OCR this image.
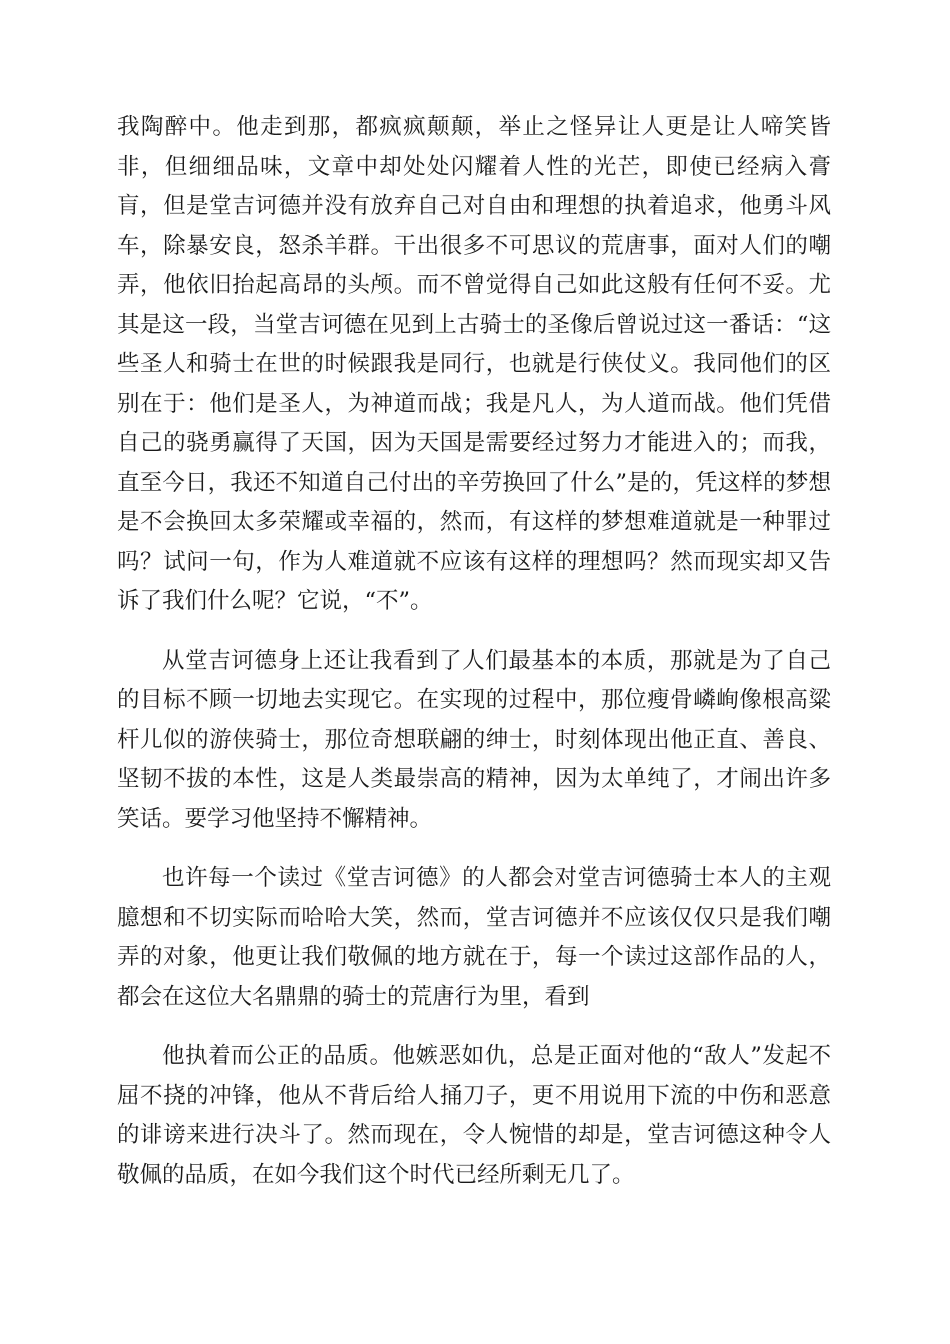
我陶醉中。他走到那，都疯疯颠颠，举止之怪异让人更是让人啼笑皆非，但细细品味，文章中却处处闪耀着人性的光芒，即使已经病入膏肓，但是堂吉诃德并没有放弃自己对自由和理想的执着追求，他勇斗风车，除暴安良，怒杀羊群。干出很多不可思议的荒唐事，面对人们的嘲弄，他依旧抬起高昂的头颅。而不曾觉得自己如此这般有任何不妥。尤其是这一段，当堂吉诃德在见到上古骑士的圣像后曾说过这一番话：“这些圣人和骑士在世的时候跟我是同行，也就是行侠仗义。我同他们的区别在于：他们是圣人，为神道而战；我是凡人，为人道而战。他们凭借自己的骁勇赢得了天国，因为天国是需要经过努力才能进入的；而我，直至今日，我还不知道自己付出的辛劳换回了什么”是的，凭这样的梦想是不会换回太多荣耀或幸福的，然而，有这样的梦想难道就是一种罪过吗？试问一句，作为人难道就不应该有这样的理想吗？然而现实却又告诉了我们什么呢？它说，“不”。

从堂吉诃德身上还让我看到了人们最基本的本质，那就是为了自己的目标不顾一切地去实现它。在实现的过程中，那位瘦骨嶙峋像根高粱杆儿似的游侠骑士，那位奇想联翩的绅士，时刻体现出他正直、善良、坚韧不拔的本性，这是人类最崇高的精神，因为太单纯了，才闹出许多笑话。要学习他坚持不懈精神。

也许每一个读过《堂吉诃德》的人都会对堂吉诃德骑士本人的主观臆想和不切实际而哈哈大笑，然而，堂吉诃德并不应该仅仅只是我们嘲弄的对象，他更让我们敬佩的地方就在于，每一个读过这部作品的人，都会在这位大名鼎鼎的骑士的荒唐行为里，看到

他执着而公正的品质。他嫉恶如仇，总是正面对他的“敌人”发起不屈不挠的冲锋，他从不背后给人捅刀子，更不用说用下流的中伤和恶意的诽谤来进行决斗了。然而现在，令人惋惜的却是，堂吉诃德这种令人敬佩的品质，在如今我们这个时代已经所剩无几了。
